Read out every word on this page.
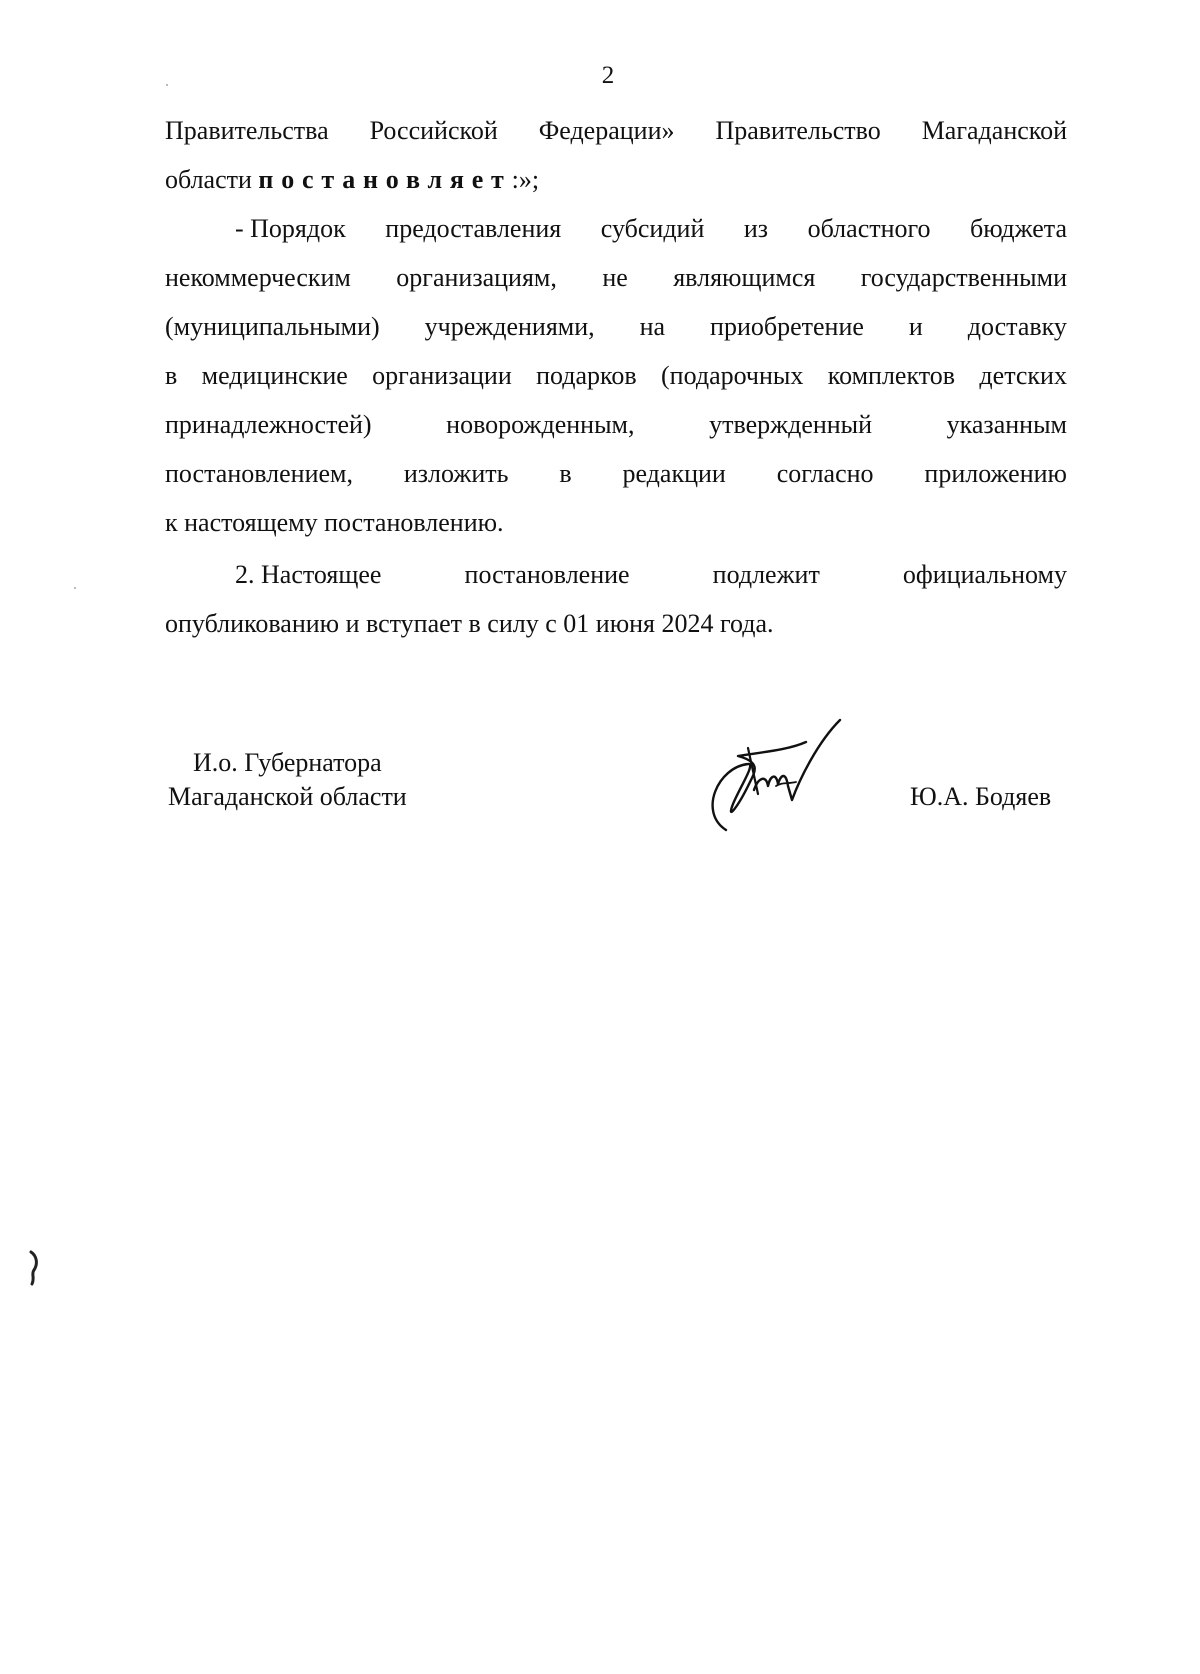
2
Правительства Российской Федерации» Правительство Магаданской
области постановляет:»;
- Порядок предоставления субсидий из областного бюджета
некоммерческим организациям, не являющимся государственными
(муниципальными) учреждениями, на приобретение и доставку
в медицинские организации подарков (подарочных комплектов детских
принадлежностей)	новорожденным,	утвержденный	указанным
постановлением, изложить в редакции согласно приложению
к настоящему постановлению.
2. Настоящее	постановление	подлежит	официальному
опубликованию и вступает в силу с 01 июня 2024 года.
И.о. Губернатора
Магаданской области	Ю.А. Бодяев
